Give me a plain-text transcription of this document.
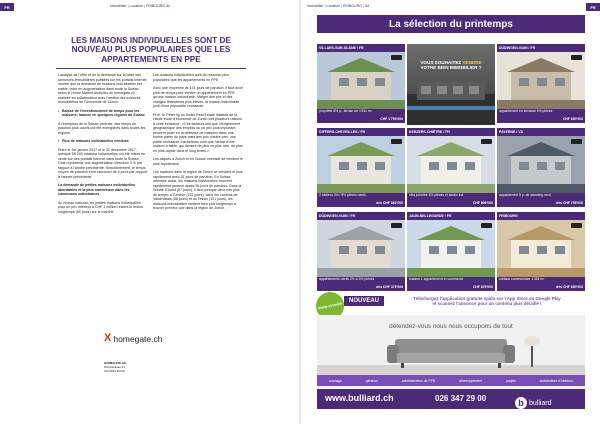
FR	Immobilier | Location | FRIBOURG 32
LES MAISONS INDIVIDUELLES SONT DE NOUVEAU PLUS POPULAIRES QUE LES APPARTEMENTS EN PPE

Lanalyse de l'offre et de la demande sur la base des annonces immobilières publiées sur les portails Internet montre que la demande de maisons individuelles est stable, voire en augmentation dans toute la Suisse selon le Home Market Analytics de homegate.ch réalisée en collaboration avec l'Institut des sciences immobilières de l'Université de Zurich.

• Baisse de l'investissement de temps pour les maisons; hausse en quelques régions de Suisse

A l'exception de la Suisse centrale, des temps de parution plus courts ont été enregistrés dans toutes les régions.

• Plus de maisons individuelles vendues

Entre le 1er janvier 2017 et le 31 décembre 2017, quelque 55 000 maisons individuelles ont été mises en vente sur des portails Internet dans toute la Suisse. Cela représente une augmentation d'environ 3 % par rapport à l'année précédente. Simultanément, le temps moyen de parution s'est raccourci de 6 jours par rapport à l'année précédente.

La demande de petites maisons individuelles abordables et la plus nombreuse dans les communes suburbaines

Au niveau national, les petites maisons individuelles pour un prix inférieur à CHF 1 million restent le moins longtemps (59 jours) sur le marché.

Les maisons individuelles sont de nouveau plus populaires que les appartements en PPE

Avec une moyenne de 101 jours de parution, il faut avoir plus de temps pour vendre un appartement en PPE qu'une maison individuelle. Malgré des prix et des charges financières plus élevés, la maison individuelle jouit d'une popularité croissante.

Prof. Dr Peter Ilg du Swiss Real Estate Institute de la Haute école d'économie de Zurich voit plusieurs raisons à cette évolution : «Ces facteurs tels que l'éloignement géographique des emplois ou un prix plus important peuvent jouer en la défaveur de maisons dans une bonne partie du pays mais des prix d'autre part, une partie croissante d'acheteurs croit que l'achat d'une maison à faible, qui devient de plus en plus rare, de plus en plus rapide dans le long terme.»

Les cliques à Zurich et en Suisse orientale se vendent le plus rapidement

Les maisons dans la région de Zurich se vendent le plus rapidement avec 51 jours de parution. En Suisse orientale aussi, les maisons individuelles trouvent rapidement preneur après 56 jours de parution. Dans la Suisse l'Ouest (57 jours), il faut presque deux fois plus de temps. a Genève (151 jours), dans les cantons de Vaud/Valais (88 jours) et au Tessin (121 jours), les maisons individuelles mettent bien plus longtemps à trouver preneur que dans la région de Zurich.

X homegate.ch
HOMEGATE AG
Werdstrasse 21
CH-8021 Zurich
Immobilier | Location | FRIBOURG | 33	FR
La sélection du printemps
VILLARS-SUR-GLÂNE / FR
propriété 6½ p., terrain de 1'511 m²
CHF 1'790'000
DÜDINGEN-GUIN / FR
appartement en terrasse 5½ pièces
CHF 690'000
GIFFERS-CHEVRILLES / FR
2 ateliers 4½ / 5½ pièces neufs
dès CHF 662'000
KERZERS-CHIÈTRE / FR
villa jumelée 6½ pièces et studio ind.
CHF 890'000
PAYERNE / VD
appartement 5 p. de standing neuf
dès CHF 755'000
DÜDINGEN-GUIN / FR
appartements neufs 2½ & 5½ pièces
dès CHF 379'000
JAUN-BELLEGARDE / FR
maison 1 appartement et commerce
CHF 879'000
FRIBOURG
surface commerciale 1'084 m²
dès CHF 690'000
VOUS SOUHAITEZ VENDRE
VOTRE BIEN IMMOBILIER ?
Visite virtuelle
NOUVEAU	Téléchargez l'application gratuite spida sur l'App Store ou Google Play
et scannez l'annonce pour un contenu plus détaillé !
détendez-vous nous nous occupons de tout
courtage	gérance	administration de PPE	développement	projets	architecture d'intérieur
www.bulliard.ch	026 347 29 00	b bulliard
IMMOBILIER
